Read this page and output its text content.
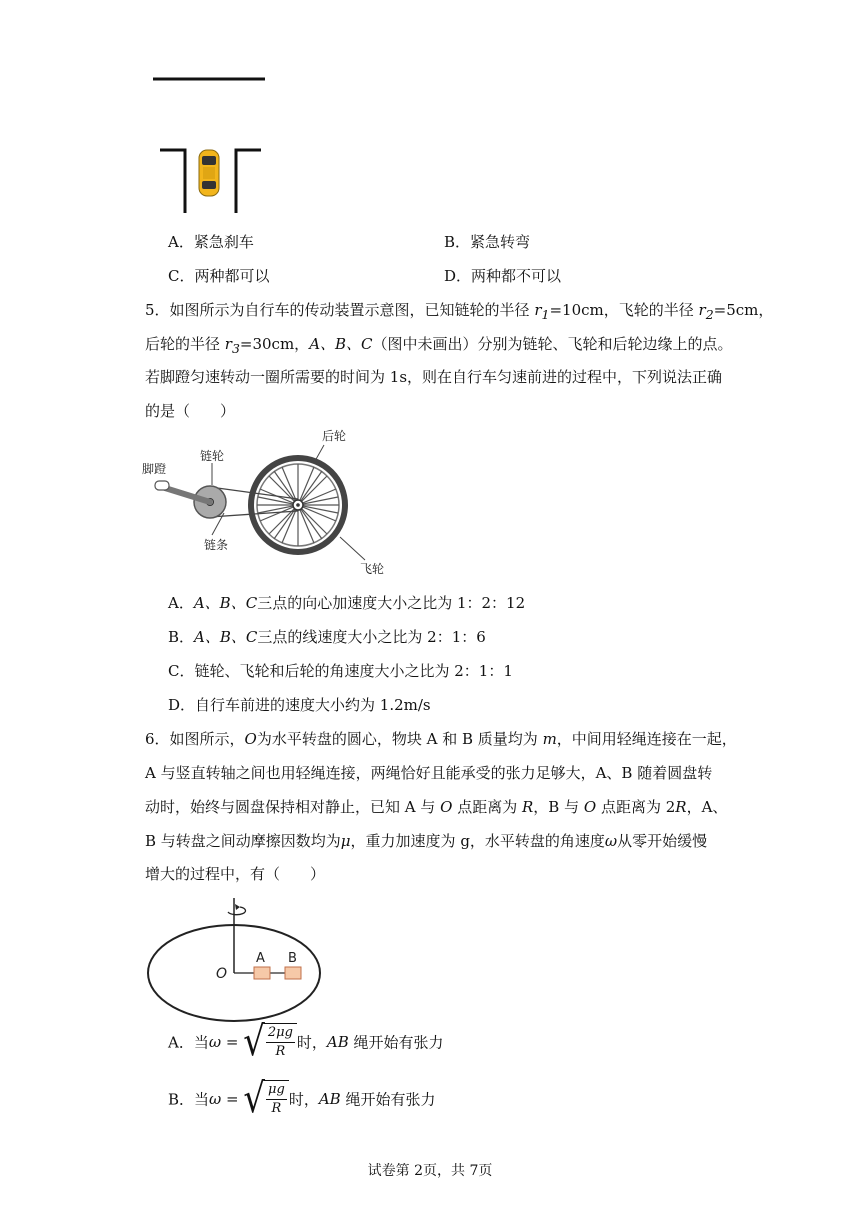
A．紧急刹车	B．紧急转弯
C．两种都可以	D．两种都不可以
5．如图所示为自行车的传动装置示意图，已知链轮的半径 $r_1=10cm$，飞轮的半径 $r_2=5cm$，
后轮的半径 $r_3=30cm$，A、B、C（图中未画出）分别为链轮、飞轮和后轮边缘上的点。
若脚蹬匀速转动一圈所需要的时间为 1s，则在自行车匀速前进的过程中，下列说法正确
的是（　　）
脚蹬
链轮
链条
后轮
飞轮
A．A、B、C三点的向心加速度大小之比为 1：2：12
B．A、B、C三点的线速度大小之比为 2：1：6
C．链轮、飞轮和后轮的角速度大小之比为 2：1：1
D．自行车前进的速度大小约为 1.2m/s
6．如图所示，O为水平转盘的圆心，物块 A 和 B 质量均为 m，中间用轻绳连接在一起，
A 与竖直转轴之间也用轻绳连接，两绳恰好且能承受的张力足够大，A、B 随着圆盘转
动时，始终与圆盘保持相对静止，已知 A 与 O 点距离为 R，B 与 O 点距离为 2R，A、
B 与转盘之间动摩擦因数均为μ，重力加速度为 g，水平转盘的角速度ω从零开始缓慢
增大的过程中，有（　　）
O
A B
A．当ω = √ $\frac{2\mu g}{R}$ 时，AB 绳开始有张力
B．当ω = √ $\frac{\mu g}{R}$ 时，AB 绳开始有张力
试卷第 2页，共 7页
